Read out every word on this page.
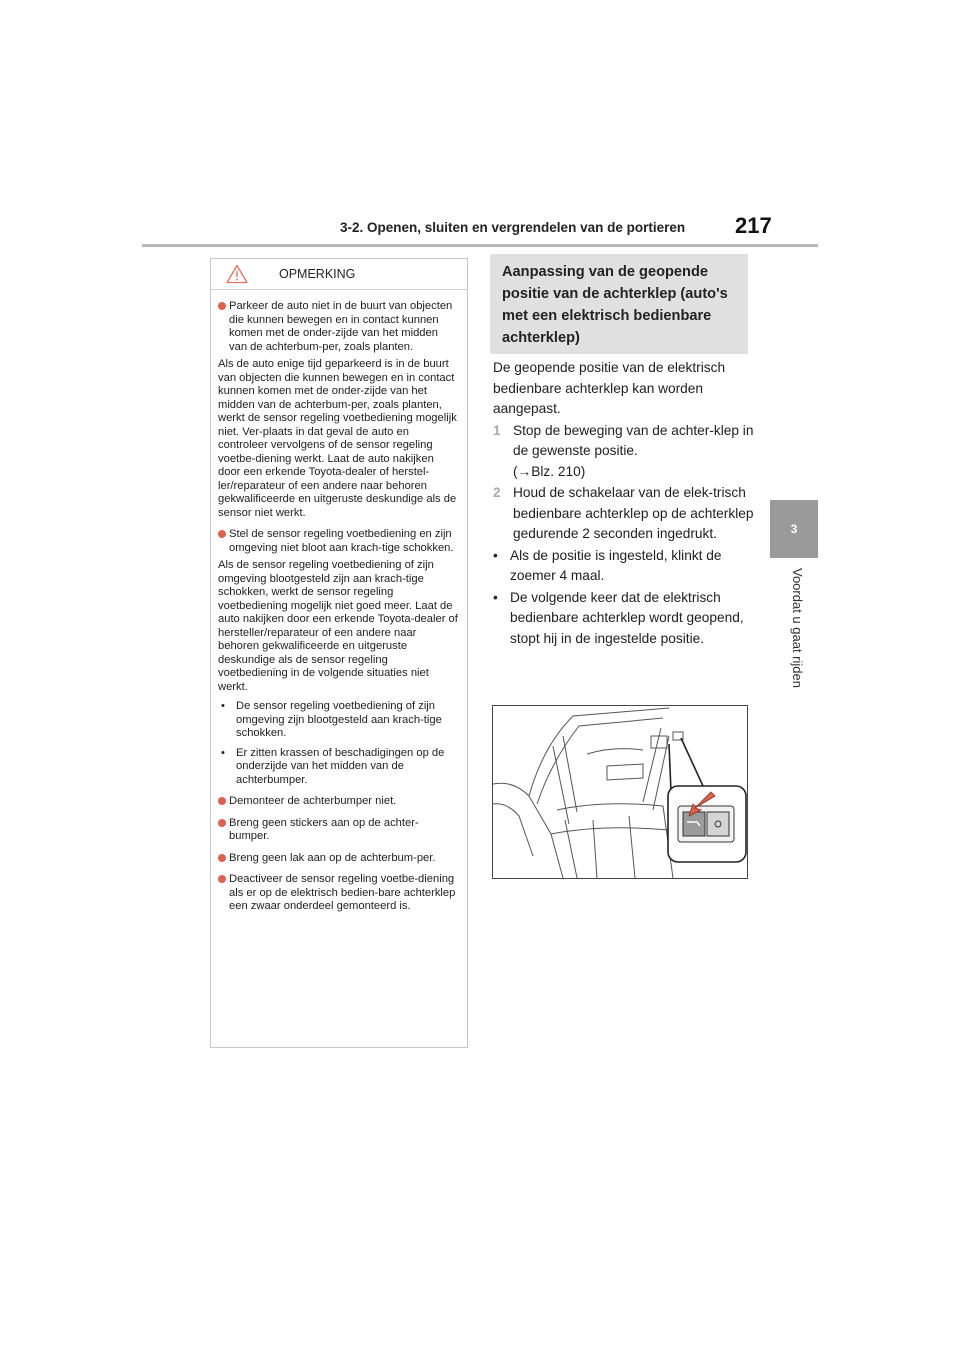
3-2. Openen, sluiten en vergrendelen van de portieren 217
3
Voordat u gaat rijden
OPMERKING
Parkeer de auto niet in de buurt van objecten die kunnen bewegen en in contact kunnen komen met de onder-zijde van het midden van de achterbum-per, zoals planten.
Als de auto enige tijd geparkeerd is in de buurt van objecten die kunnen bewegen en in contact kunnen komen met de onder-zijde van het midden van de achterbum-per, zoals planten, werkt de sensor regeling voetbediening mogelijk niet. Ver-plaats in dat geval de auto en controleer vervolgens of de sensor regeling voetbe-diening werkt. Laat de auto nakijken door een erkende Toyota-dealer of herstel-ler/reparateur of een andere naar behoren gekwalificeerde en uitgeruste deskundige als de sensor niet werkt.
Stel de sensor regeling voetbediening en zijn omgeving niet bloot aan krach-tige schokken.
Als de sensor regeling voetbediening of zijn omgeving blootgesteld zijn aan krach-tige schokken, werkt de sensor regeling voetbediening mogelijk niet goed meer. Laat de auto nakijken door een erkende Toyota-dealer of hersteller/reparateur of een andere naar behoren gekwalificeerde en uitgeruste deskundige als de sensor regeling voetbediening in de volgende situaties niet werkt.
• De sensor regeling voetbediening of zijn omgeving zijn blootgesteld aan krach-tige schokken.
• Er zitten krassen of beschadigingen op de onderzijde van het midden van de achterbumper.
Demonteer de achterbumper niet.
Breng geen stickers aan op de achter-bumper.
Breng geen lak aan op de achterbum-per.
Deactiveer de sensor regeling voetbe-diening als er op de elektrisch bedien-bare achterklep een zwaar onderdeel gemonteerd is.
Aanpassing van de geopende positie van de achterklep (auto's met een elektrisch bedienbare achterklep)
De geopende positie van de elektrisch bedienbare achterklep kan worden aangepast.
1 Stop de beweging van de achter-klep in de gewenste positie.
(→Blz. 210)
2 Houd de schakelaar van de elek-trisch bedienbare achterklep op de achterklep gedurende 2 seconden ingedrukt.
• Als de positie is ingesteld, klinkt de zoemer 4 maal.
• De volgende keer dat de elektrisch bedienbare achterklep wordt geopend, stopt hij in de ingestelde positie.
